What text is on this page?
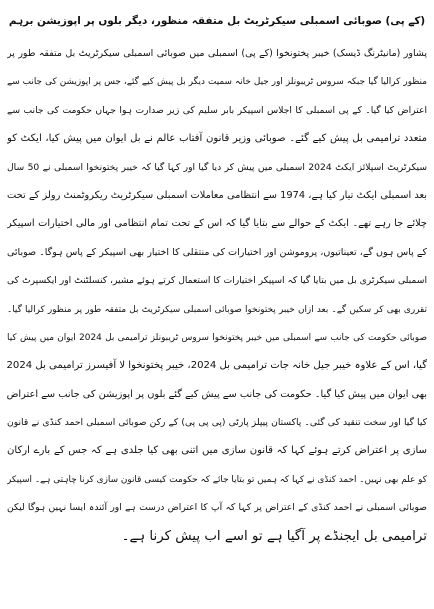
(کے پی) صوبائی اسمبلی سیکرٹریٹ بل متفقہ منظور، دیگر بلوں پر اپوزیشن برہم
پشاور (مانیٹرنگ ڈیسک) خیبر پختونخوا (کے پی) اسمبلی میں صوبائی اسمبلی سیکرٹریٹ بل متفقہ طور پر
منظور کرالیا گیا جبکہ سروس ٹریبونلز اور جیل خانہ سمیت دیگر بل پیش کیے گئے، جس پر اپوزیشن کی جانب سے
اعتراض کیا گیا۔ کے پی اسمبلی کا اجلاس اسپیکر بابر سلیم کی زیر صدارت ہوا جہاں حکومت کی جانب سے
متعدد ترامیمی بل پیش کیے گئے۔ صوبائی وزیر قانون آفتاب عالم نے بل ایوان میں پیش کیا، ایکٹ کو
سیکرٹریٹ اسپلائز ایکٹ 2024 اسمبلی میں پیش کر دیا گیا اور کہا گیا کہ خیبر پختونخوا اسمبلی نے 50 سال
بعد اسمبلی ایکٹ تیار کیا ہے، 1974 سے انتظامی معاملات اسمبلی سیکرٹریٹ ریکروٹمنٹ رولز کے تحت
چلائے جا رہے تھے۔ ایکٹ کے حوالے سے بتایا گیا کہ اس کے تحت تمام انتظامی اور مالی اختیارات اسپیکر
کے پاس ہوں گے، تعیناتیوں، پروموشن اور اختیارات کی منتقلی کا اختیار بھی اسپیکر کے پاس ہوگا۔ صوبائی
اسمبلی سیکرٹری بل میں بتایا گیا کہ اسپیکر اختیارات کا استعمال کرتے ہوئے مشیر، کنسلٹنٹ اور ایکسپرٹ کی
تقرری بھی کر سکیں گے۔ بعد ازاں خیبر پختونخوا صوبائی اسمبلی سیکرٹریٹ بل متفقہ طور پر منظور کرالیا گیا۔
صوبائی حکومت کی جانب سے اسمبلی میں خیبر پختونخوا سروس ٹریبونلز ترامیمی بل 2024 ایوان میں پیش کیا
گیا، اس کے علاوہ خیبر جیل خانہ جات ترامیمی بل 2024، خیبر پختونخوا لا آفیسرز ترامیمی بل 2024
بھی ایوان میں پیش کیا گیا۔ حکومت کی جانب سے پیش کیے گئے بلوں پر اپوزیشن کی جانب سے اعتراض
کیا گیا اور سخت تنقید کی گئی۔ پاکستان پیپلز پارٹی (پی پی پی) کے رکن صوبائی اسمبلی احمد کنڈی نے قانون
سازی پر اعتراض کرتے ہوئے کہا کہ قانون سازی میں اتنی بھی کیا جلدی ہے کہ جس کے بارے ارکان
کو علم بھی نہیں۔ احمد کنڈی نے کہا کہ ہمیں تو بتایا جائے کہ حکومت کیسی قانون سازی کرنا چاہتی ہے۔ اسپیکر
صوبائی اسمبلی نے احمد کنڈی کے اعتراض پر کہا کہ آپ کا اعتراض درست ہے اور آئندہ ایسا نہیں ہوگا لیکن
ترامیمی بل ایجنڈے پر آگیا ہے تو اسے اب پیش کرنا ہے۔
